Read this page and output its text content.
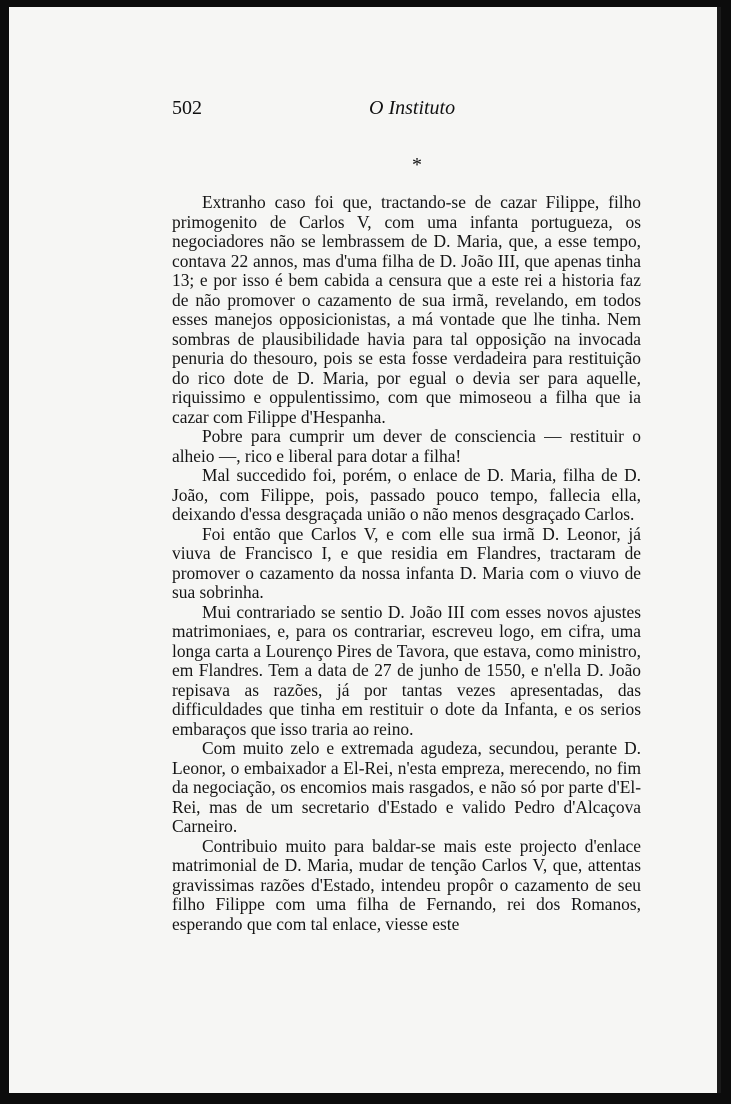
502	O Instituto
*

Extranho caso foi que, tractando-se de cazar Filippe, filho primogenito de Carlos V, com uma infanta portugueza, os negociadores não se lembrassem de D. Maria, que, a esse tempo, contava 22 annos, mas d'uma filha de D. João III, que apenas tinha 13; e por isso é bem cabida a censura que a este rei a historia faz de não promover o cazamento de sua irmã, revelando, em todos esses manejos opposicionistas, a má vontade que lhe tinha. Nem sombras de plausibilidade havia para tal opposição na invocada penuria do thesouro, pois se esta fosse verdadeira para restituição do rico dote de D. Maria, por egual o devia ser para aquelle, riquissimo e oppulentissimo, com que mimoseou a filha que ia cazar com Filippe d'Hespanha.

Pobre para cumprir um dever de consciencia — restituir o alheio —, rico e liberal para dotar a filha!

Mal succedido foi, porém, o enlace de D. Maria, filha de D. João, com Filippe, pois, passado pouco tempo, fallecia ella, deixando d'essa desgraçada união o não menos desgraçado Carlos.

Foi então que Carlos V, e com elle sua irmã D. Leonor, já viuva de Francisco I, e que residia em Flandres, tractaram de promover o cazamento da nossa infanta D. Maria com o viuvo de sua sobrinha.

Mui contrariado se sentio D. João III com esses novos ajustes matrimoniaes, e, para os contrariar, escreveu logo, em cifra, uma longa carta a Lourenço Pires de Tavora, que estava, como ministro, em Flandres. Tem a data de 27 de junho de 1550, e n'ella D. João repisava as razões, já por tantas vezes apresentadas, das difficuldades que tinha em restituir o dote da Infanta, e os serios embaraços que isso traria ao reino.

Com muito zelo e extremada agudeza, secundou, perante D. Leonor, o embaixador a El-Rei, n'esta empreza, merecendo, no fim da negociação, os encomios mais rasgados, e não só por parte d'El-Rei, mas de um secretario d'Estado e valido Pedro d'Alcaçova Carneiro.

Contribuio muito para baldar-se mais este projecto d'enlace matrimonial de D. Maria, mudar de tenção Carlos V, que, attentas gravissimas razões d'Estado, intendeu propôr o cazamento de seu filho Filippe com uma filha de Fernando, rei dos Romanos, esperando que com tal enlace, viesse este
